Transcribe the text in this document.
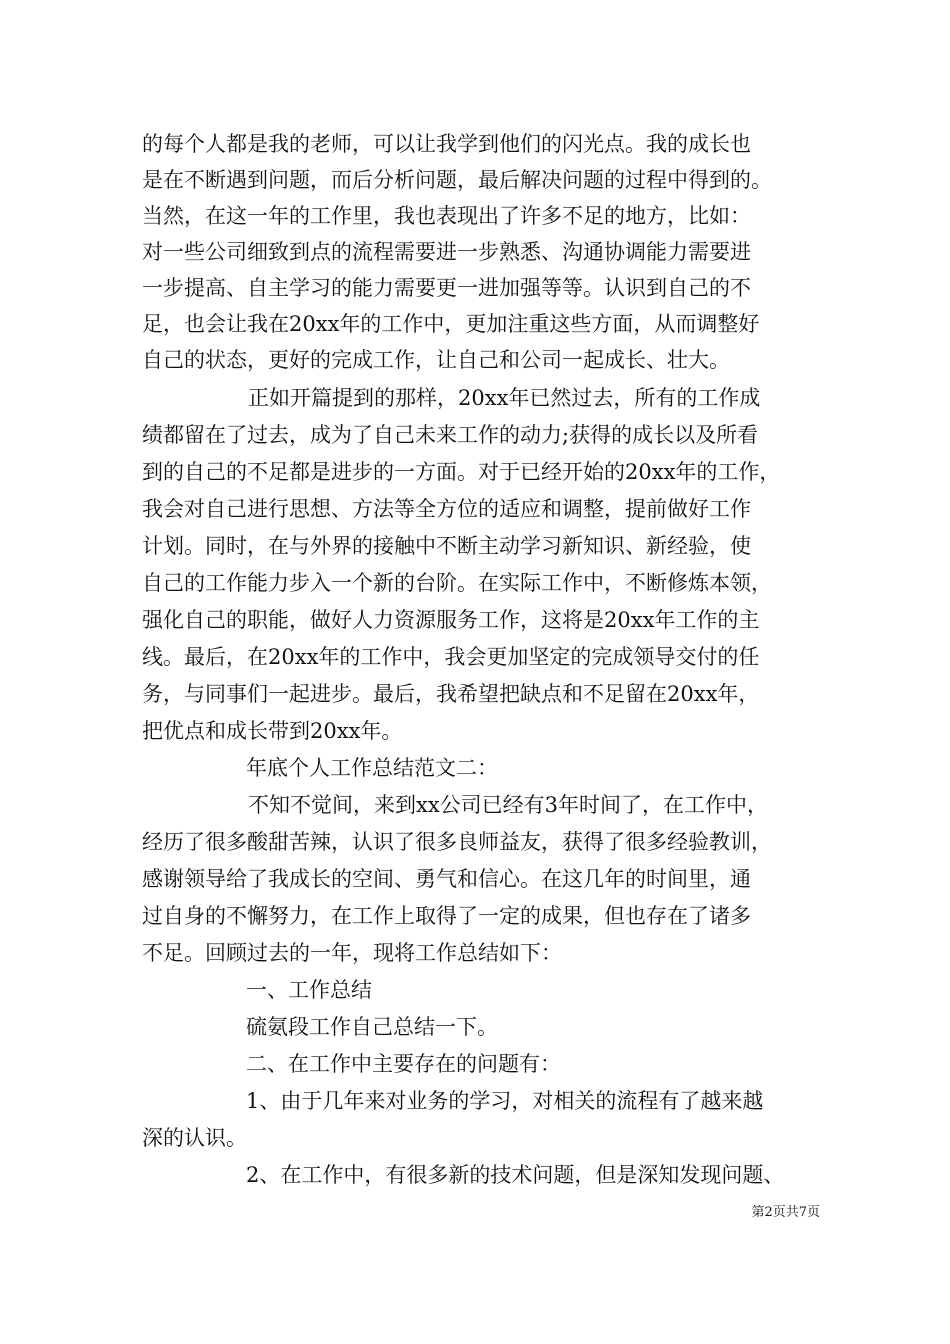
的每个人都是我的老师，可以让我学到他们的闪光点。我的成长也
是在不断遇到问题，而后分析问题，最后解决问题的过程中得到的。
当然，在这一年的工作里，我也表现出了许多不足的地方，比如：
对一些公司细致到点的流程需要进一步熟悉、沟通协调能力需要进
一步提高、自主学习的能力需要更一进加强等等。认识到自己的不
足，也会让我在20xx年的工作中，更加注重这些方面，从而调整好
自己的状态，更好的完成工作，让自己和公司一起成长、壮大。
正如开篇提到的那样，20xx年已然过去，所有的工作成
绩都留在了过去，成为了自己未来工作的动力;获得的成长以及所看
到的自己的不足都是进步的一方面。对于已经开始的20xx年的工作，
我会对自己进行思想、方法等全方位的适应和调整，提前做好工作
计划。同时，在与外界的接触中不断主动学习新知识、新经验，使
自己的工作能力步入一个新的台阶。在实际工作中，不断修炼本领，
强化自己的职能，做好人力资源服务工作，这将是20xx年工作的主
线。最后，在20xx年的工作中，我会更加坚定的完成领导交付的任
务，与同事们一起进步。最后，我希望把缺点和不足留在20xx年，
把优点和成长带到20xx年。
年底个人工作总结范文二：
不知不觉间，来到xx公司已经有3年时间了，在工作中，
经历了很多酸甜苦辣，认识了很多良师益友，获得了很多经验教训，
感谢领导给了我成长的空间、勇气和信心。在这几年的时间里，通
过自身的不懈努力，在工作上取得了一定的成果，但也存在了诸多
不足。回顾过去的一年，现将工作总结如下：
一、工作总结
硫氨段工作自己总结一下。
二、在工作中主要存在的问题有：
1、由于几年来对业务的学习，对相关的流程有了越来越
深的认识。
2、在工作中，有很多新的技术问题，但是深知发现问题、
第2页共7页
